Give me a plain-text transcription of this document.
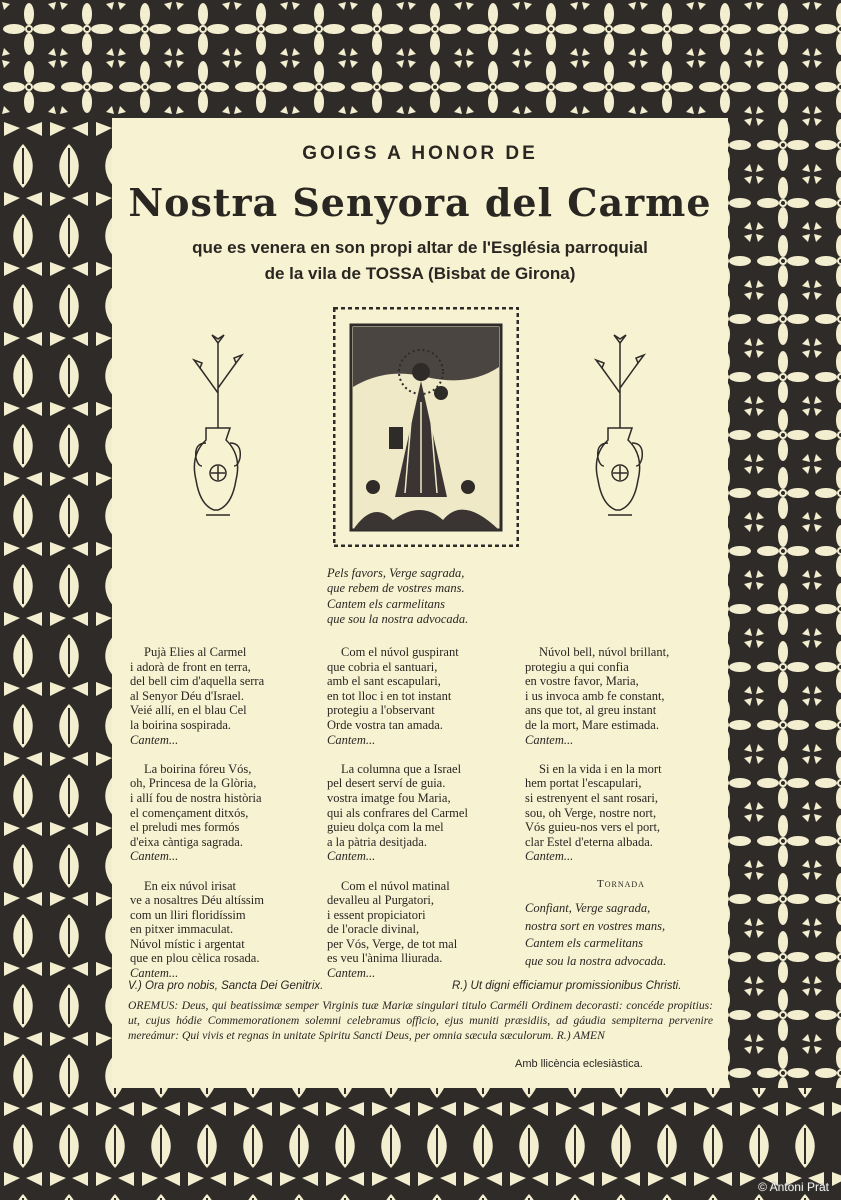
GOIGS A HONOR DE
Nostra Senyora del Carme
que es venera en son propi altar de l'Església parroquial
de la vila de TOSSA (Bisbat de Girona)
Pels favors, Verge sagrada,
que rebem de vostres mans.
Cantem els carmelitans
que sou la nostra advocada.
Pujà Elies al Carmel
i adorà de front en terra,
del bell cim d'aquella serra
al Senyor Déu d'Israel.
Veié allí, en el blau Cel
la boirina sospirada.
Cantem...
La boirina fóreu Vós,
oh, Princesa de la Glòria,
i allí fou de nostra història
el començament ditxós,
el preludi mes formós
d'eixa càntiga sagrada.
Cantem...
En eix núvol irisat
ve a nosaltres Déu altíssim
com un lliri floridíssim
en pitxer immaculat.
Núvol místic i argentat
que en plou cèlica rosada.
Cantem...
Com el núvol guspirant
que cobria el santuari,
amb el sant escapulari,
en tot lloc i en tot instant
protegiu a l'observant
Orde vostra tan amada.
Cantem...
La columna que a Israel
pel desert serví de guia.
vostra imatge fou Maria,
qui als confrares del Carmel
guieu dolça com la mel
a la pàtria desitjada.
Cantem...
Com el núvol matinal
devalleu al Purgatori,
i essent propiciatori
de l'oracle divinal,
per Vós, Verge, de tot mal
es veu l'ànima lliurada.
Cantem...
Núvol bell, núvol brillant,
protegiu a qui confia
en vostre favor, Maria,
i us invoca amb fe constant,
ans que tot, al greu instant
de la mort, Mare estimada.
Cantem...
Si en la vida i en la mort
hem portat l'escapulari,
si estrenyent el sant rosari,
sou, oh Verge, nostre nort,
Vós guieu-nos vers el port,
clar Estel d'eterna albada.
Cantem...
Tornada
Confiant, Verge sagrada,
nostra sort en vostres mans,
Cantem els carmelitans
que sou la nostra advocada.
V.) Ora pro nobis, Sancta Dei Genitrix.	R.) Ut digni efficiamur promissionibus Christi.
OREMUS: Deus, qui beatissimæ semper Virginis tuæ Mariæ singulari titulo Carméli Ordinem decorasti: concéde propitius: ut, cujus hódie Commemorationem solemni celebramus officio, ejus muniti præsidiis, ad gáudia sempiterna pervenire mereámur: Qui vivis et regnas in unitate Spiritu Sancti Deus, per omnia sæcula sæculorum. R.) AMEN
Amb llicència eclesiàstica.
© Antoni Prat
